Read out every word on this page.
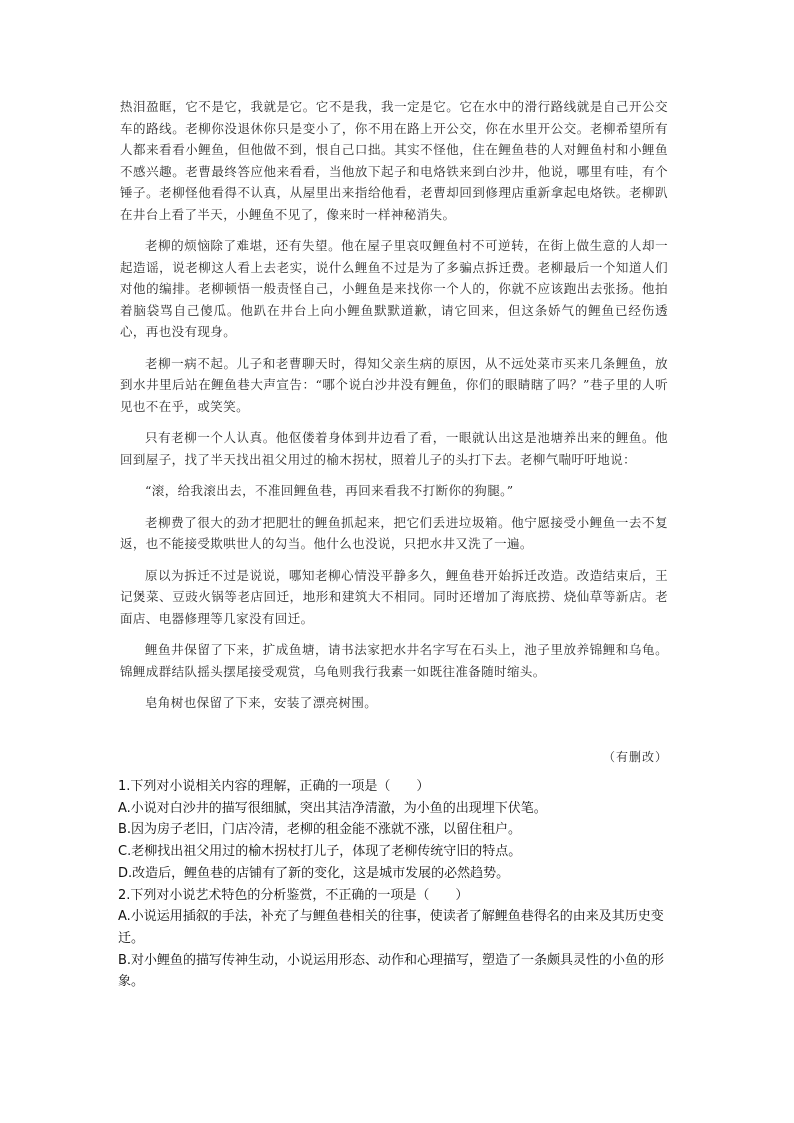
热泪盈眶，它不是它，我就是它。它不是我，我一定是它。它在水中的滑行路线就是自己开公交车的路线。老柳你没退休你只是变小了，你不用在路上开公交，你在水里开公交。老柳希望所有人都来看看小鲤鱼，但他做不到，恨自己口拙。其实不怪他，住在鲤鱼巷的人对鲤鱼村和小鲤鱼不感兴趣。老曹最终答应他来看看，当他放下起子和电烙铁来到白沙井，他说，哪里有哇，有个锤子。老柳怪他看得不认真，从屋里出来指给他看，老曹却回到修理店重新拿起电烙铁。老柳趴在井台上看了半天，小鲤鱼不见了，像来时一样神秘消失。

老柳的烦恼除了难堪，还有失望。他在屋子里哀叹鲤鱼村不可逆转，在街上做生意的人却一起造谣，说老柳这人看上去老实，说什么鲤鱼不过是为了多骗点拆迁费。老柳最后一个知道人们对他的编排。老柳顿悟一般责怪自己，小鲤鱼是来找你一个人的，你就不应该跑出去张扬。他拍着脑袋骂自己傻瓜。他趴在井台上向小鲤鱼默默道歉，请它回来，但这条娇气的鲤鱼已经伤透心，再也没有现身。

老柳一病不起。儿子和老曹聊天时，得知父亲生病的原因，从不远处菜市买来几条鲤鱼，放到水井里后站在鲤鱼巷大声宣告：“哪个说白沙井没有鲤鱼，你们的眼睛瞎了吗？”巷子里的人听见也不在乎，或笑笑。

只有老柳一个人认真。他伛偻着身体到井边看了看，一眼就认出这是池塘养出来的鲤鱼。他回到屋子，找了半天找出祖父用过的榆木拐杖，照着儿子的头打下去。老柳气喘吁吁地说：

“滚，给我滚出去，不准回鲤鱼巷，再回来看我不打断你的狗腿。”

老柳费了很大的劲才把肥壮的鲤鱼抓起来，把它们丢进垃圾箱。他宁愿接受小鲤鱼一去不复返，也不能接受欺哄世人的勾当。他什么也没说，只把水井又洗了一遍。

原以为拆迁不过是说说，哪知老柳心情没平静多久，鲤鱼巷开始拆迁改造。改造结束后，王记煲菜、豆豉火锅等老店回迁，地形和建筑大不相同。同时还增加了海底捞、烧仙草等新店。老面店、电器修理等几家没有回迁。

鲤鱼井保留了下来，扩成鱼塘，请书法家把水井名字写在石头上，池子里放养锦鲤和乌龟。锦鲤成群结队摇头摆尾接受观赏，乌龟则我行我素一如既往准备随时缩头。

皂角树也保留了下来，安装了漂亮树围。

（有删改）

1.下列对小说相关内容的理解，正确的一项是（　　）

A.小说对白沙井的描写很细腻，突出其洁净清澈，为小鱼的出现埋下伏笔。

B.因为房子老旧，门店冷清，老柳的租金能不涨就不涨，以留住租户。

C.老柳找出祖父用过的榆木拐杖打儿子，体现了老柳传统守旧的特点。

D.改造后，鲤鱼巷的店铺有了新的变化，这是城市发展的必然趋势。

2.下列对小说艺术特色的分析鉴赏，不正确的一项是（　　）

A.小说运用插叙的手法，补充了与鲤鱼巷相关的往事，使读者了解鲤鱼巷得名的由来及其历史变迁。

B.对小鲤鱼的描写传神生动，小说运用形态、动作和心理描写，塑造了一条颇具灵性的小鱼的形象。
